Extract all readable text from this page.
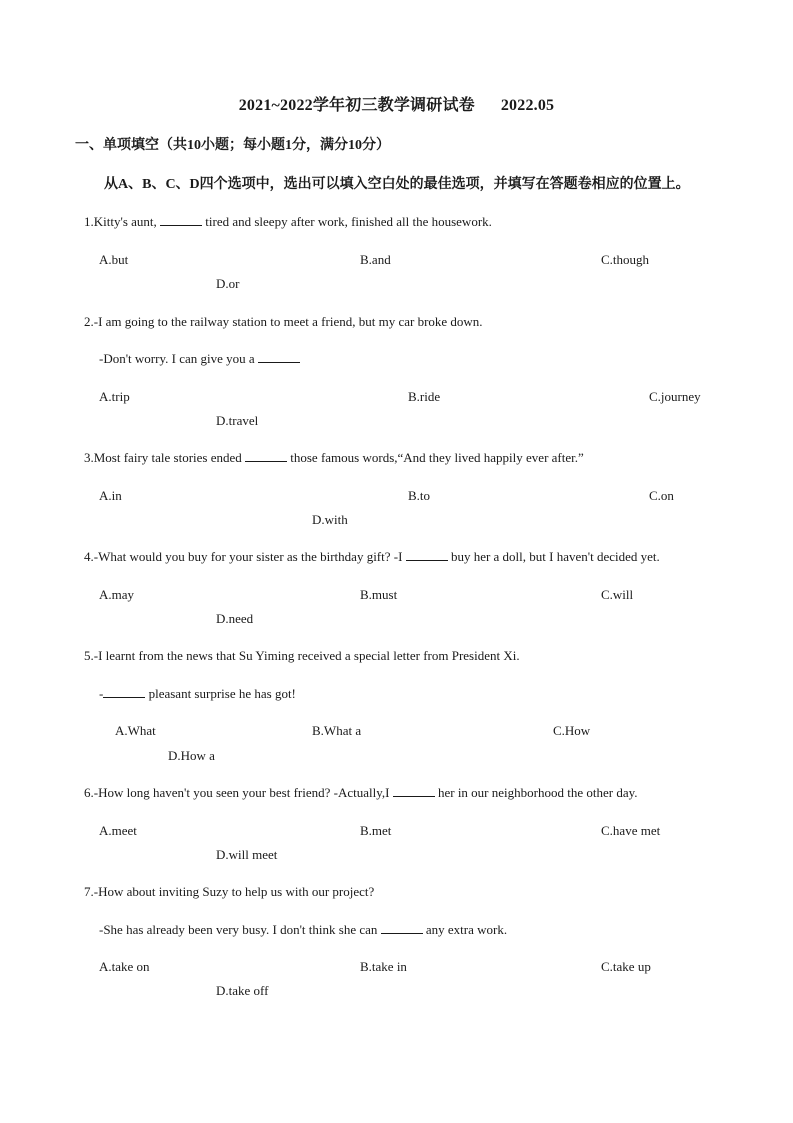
2021~2022学年初三教学调研试卷 2022.05
一、单项填空（共10小题；每小题1分，满分10分）
从A、B、C、D四个选项中，选出可以填入空白处的最佳选项，并填写在答题卷相应的位置上。
1.Kitty's aunt,	tired and sleepy after work, finished all the housework.
A.but	B.and	C.though
D.or
2.-I am going to the railway station to meet a friend, but my car broke down.
-Don't worry. I can give you a
A.trip	B.ride	C.journey
D.travel
3.Most fairy tale stories ended	those famous words,“And they lived happily ever after.”
A.in	B.to	C.on
D.with
4.-What would you buy for your sister as the birthday gift? -I	buy her a doll, but I haven't decided yet.
A.may	B.must	C.will
D.need
5.-I learnt from the news that Su Yiming received a special letter from President Xi.
-	pleasant surprise he has got!
A.What	B.What a	C.How
D.How a
6.-How long haven't you seen your best friend? -Actually,I	her in our neighborhood the other day.
A.meet	B.met	C.have met
D.will meet
7.-How about inviting Suzy to help us with our project?
-She has already been very busy. I don't think she can	any extra work.
A.take on	B.take in	C.take up
D.take off
